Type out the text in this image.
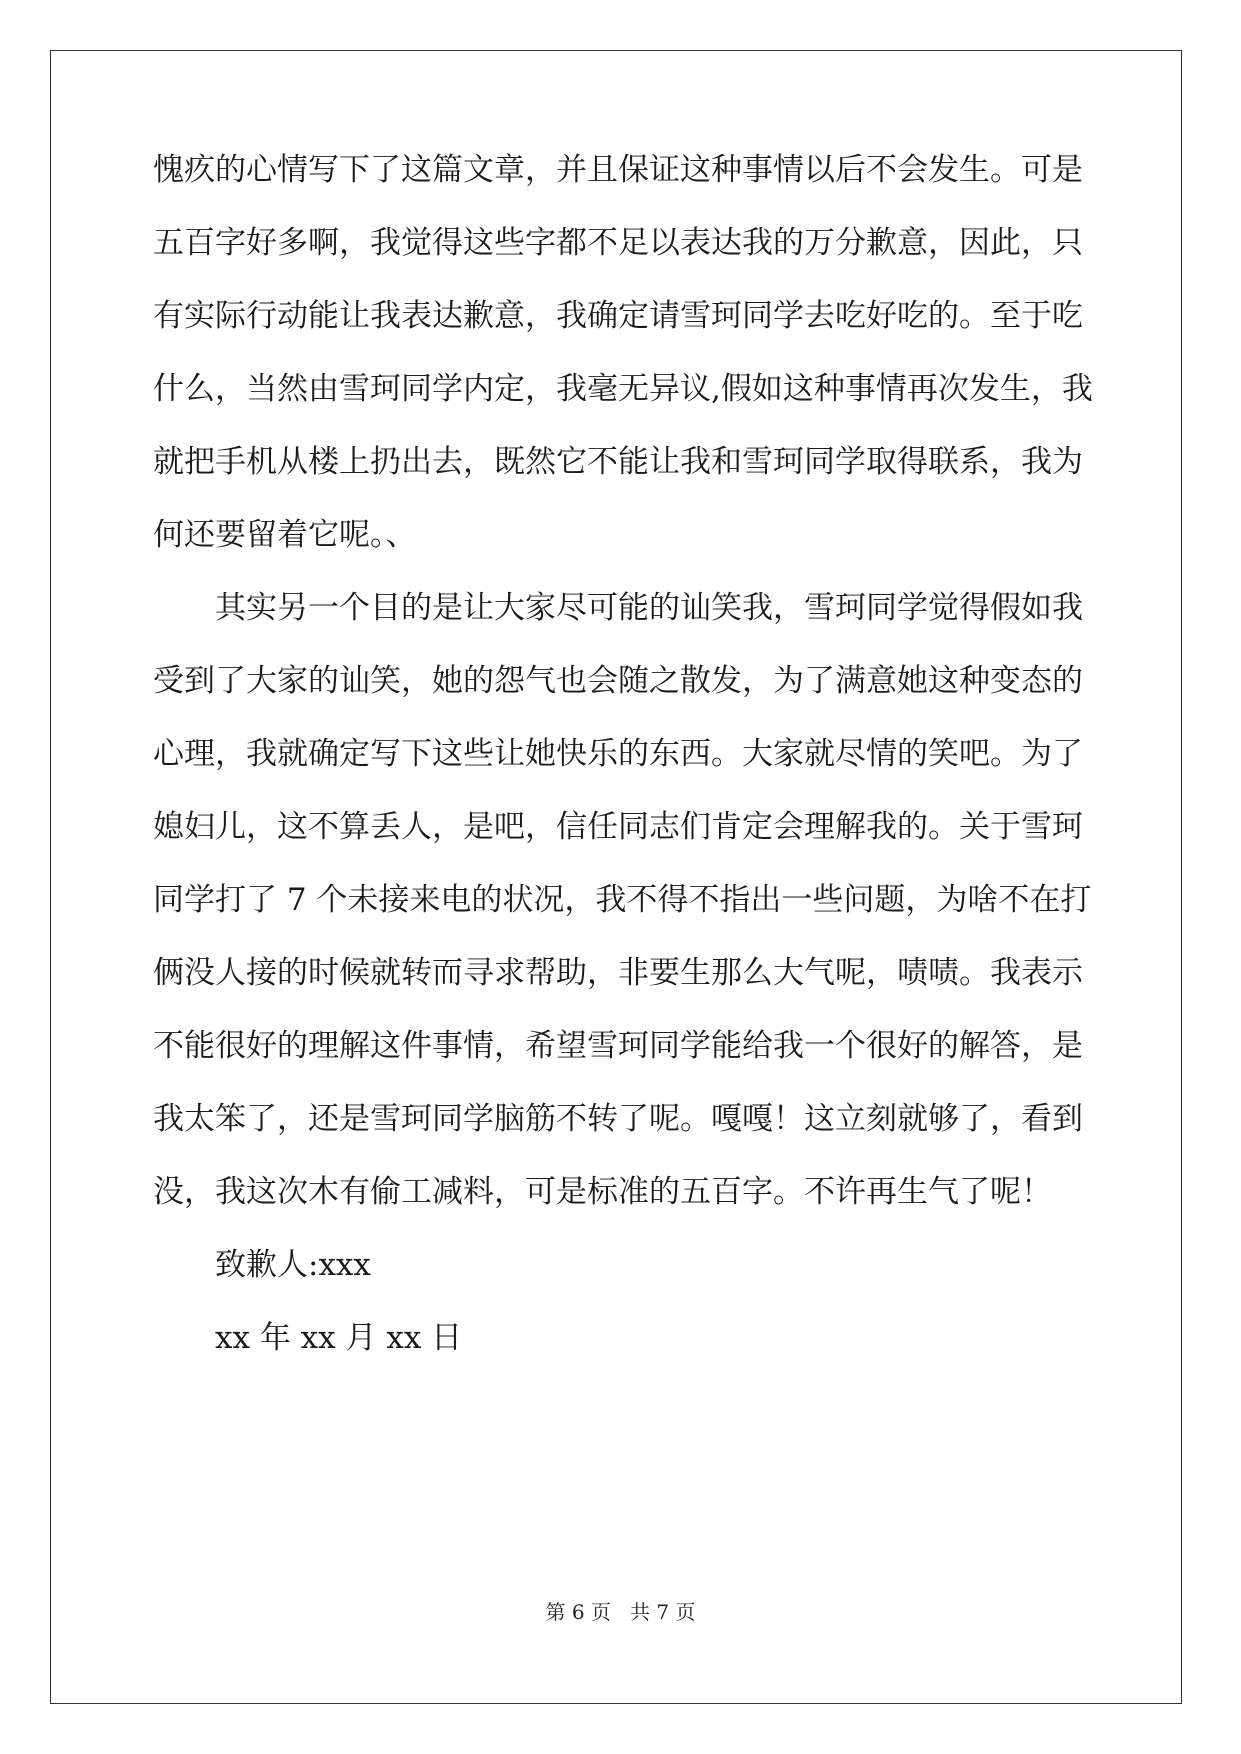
愧疚的心情写下了这篇文章，并且保证这种事情以后不会发生。可是
五百字好多啊，我觉得这些字都不足以表达我的万分歉意，因此，只
有实际行动能让我表达歉意，我确定请雪珂同学去吃好吃的。至于吃
什么，当然由雪珂同学内定，我毫无异议,假如这种事情再次发生，我
就把手机从楼上扔出去，既然它不能让我和雪珂同学取得联系，我为
何还要留着它呢。、
其实另一个目的是让大家尽可能的讪笑我，雪珂同学觉得假如我
受到了大家的讪笑，她的怨气也会随之散发，为了满意她这种变态的
心理，我就确定写下这些让她快乐的东西。大家就尽情的笑吧。为了
媳妇儿，这不算丢人，是吧，信任同志们肯定会理解我的。关于雪珂
同学打了 7 个未接来电的状况，我不得不指出一些问题，为啥不在打
俩没人接的时候就转而寻求帮助，非要生那么大气呢，啧啧。我表示
不能很好的理解这件事情，希望雪珂同学能给我一个很好的解答，是
我太笨了，还是雪珂同学脑筋不转了呢。嘎嘎！这立刻就够了，看到
没，我这次木有偷工减料，可是标准的五百字。不许再生气了呢！
致歉人:xxx
xx 年 xx 月 xx 日
第 6 页 共 7 页
